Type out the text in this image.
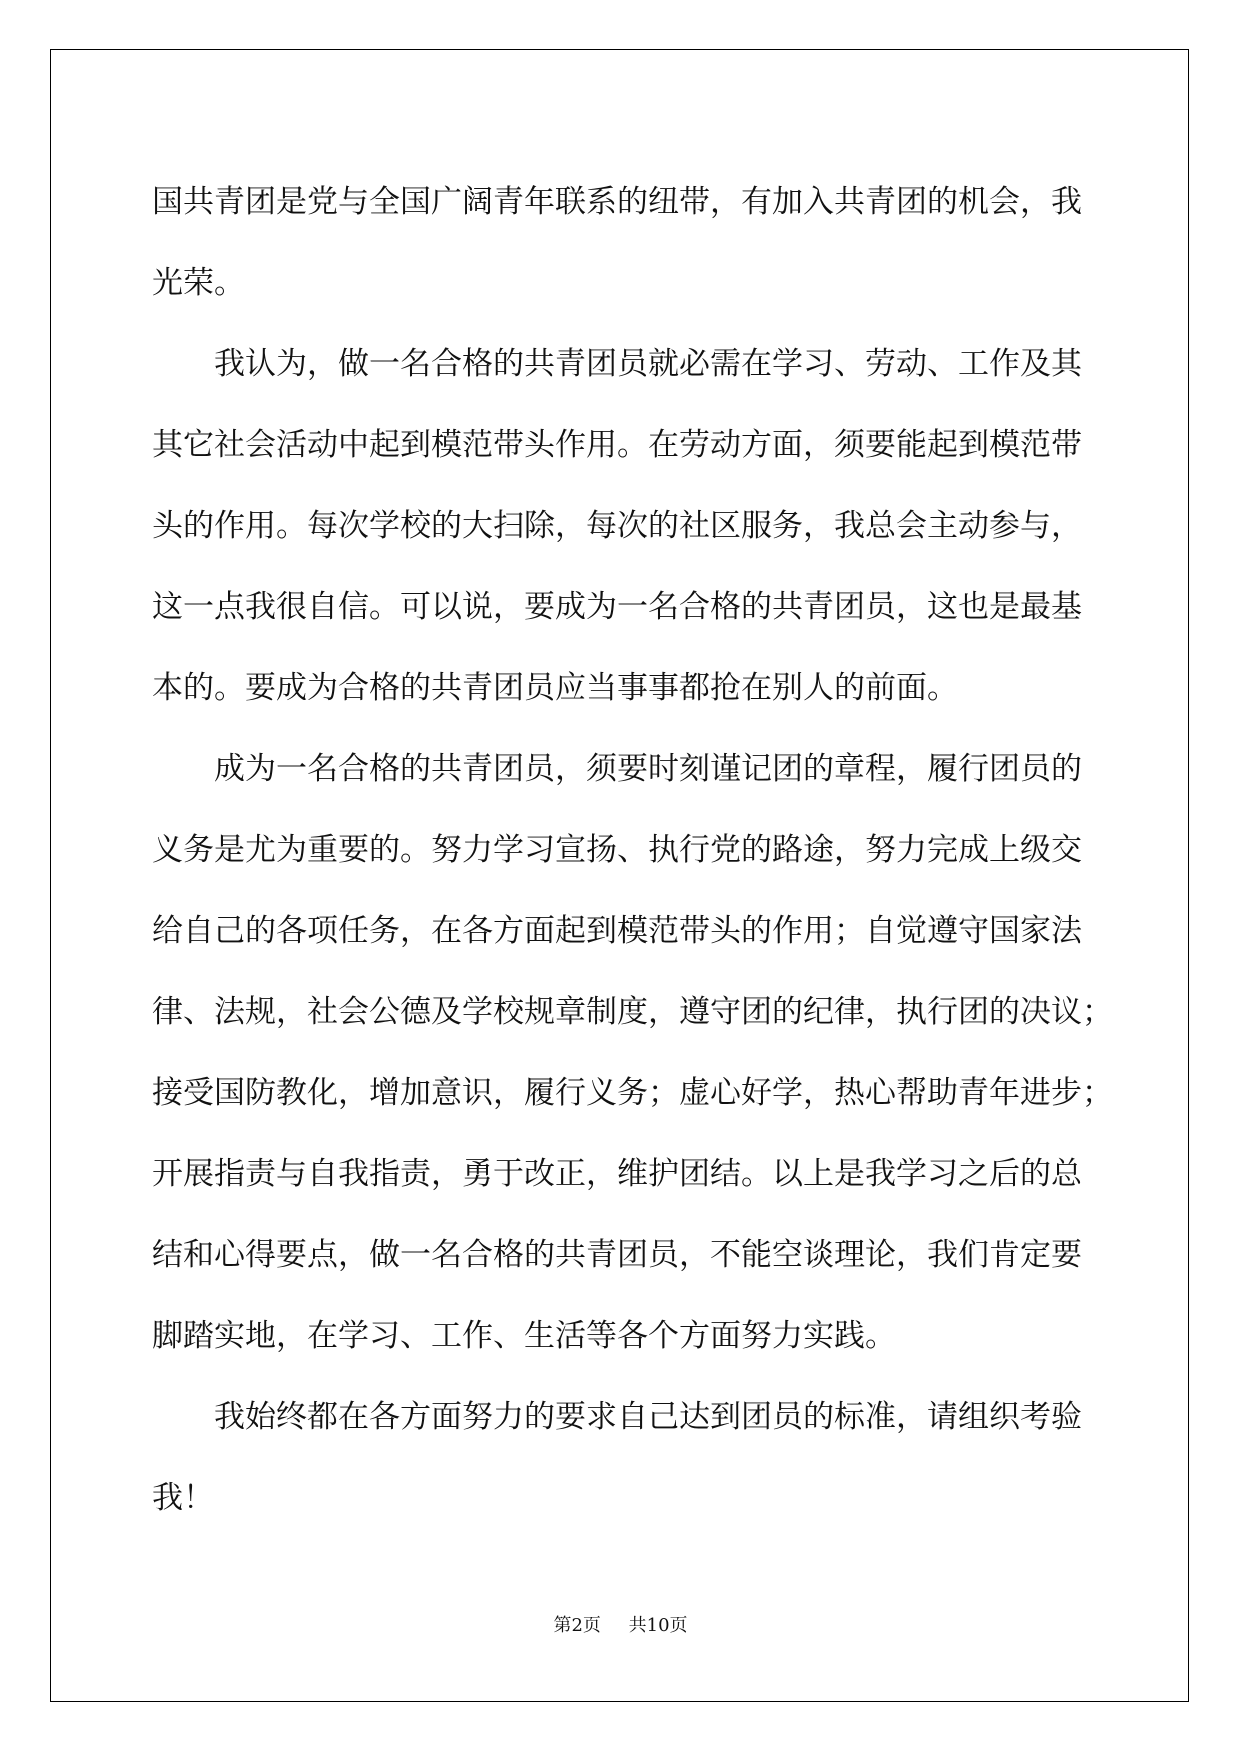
国共青团是党与全国广阔青年联系的纽带，有加入共青团的机会，我
光荣。
我认为，做一名合格的共青团员就必需在学习、劳动、工作及其
其它社会活动中起到模范带头作用。在劳动方面，须要能起到模范带
头的作用。每次学校的大扫除，每次的社区服务，我总会主动参与，
这一点我很自信。可以说，要成为一名合格的共青团员，这也是最基
本的。要成为合格的共青团员应当事事都抢在别人的前面。
成为一名合格的共青团员，须要时刻谨记团的章程，履行团员的
义务是尤为重要的。努力学习宣扬、执行党的路途，努力完成上级交
给自己的各项任务，在各方面起到模范带头的作用；自觉遵守国家法
律、法规，社会公德及学校规章制度，遵守团的纪律，执行团的决议；
接受国防教化，增加意识，履行义务；虚心好学，热心帮助青年进步；
开展指责与自我指责，勇于改正，维护团结。以上是我学习之后的总
结和心得要点，做一名合格的共青团员，不能空谈理论，我们肯定要
脚踏实地，在学习、工作、生活等各个方面努力实践。
我始终都在各方面努力的要求自己达到团员的标准，请组织考验
我！
第2页 共10页
